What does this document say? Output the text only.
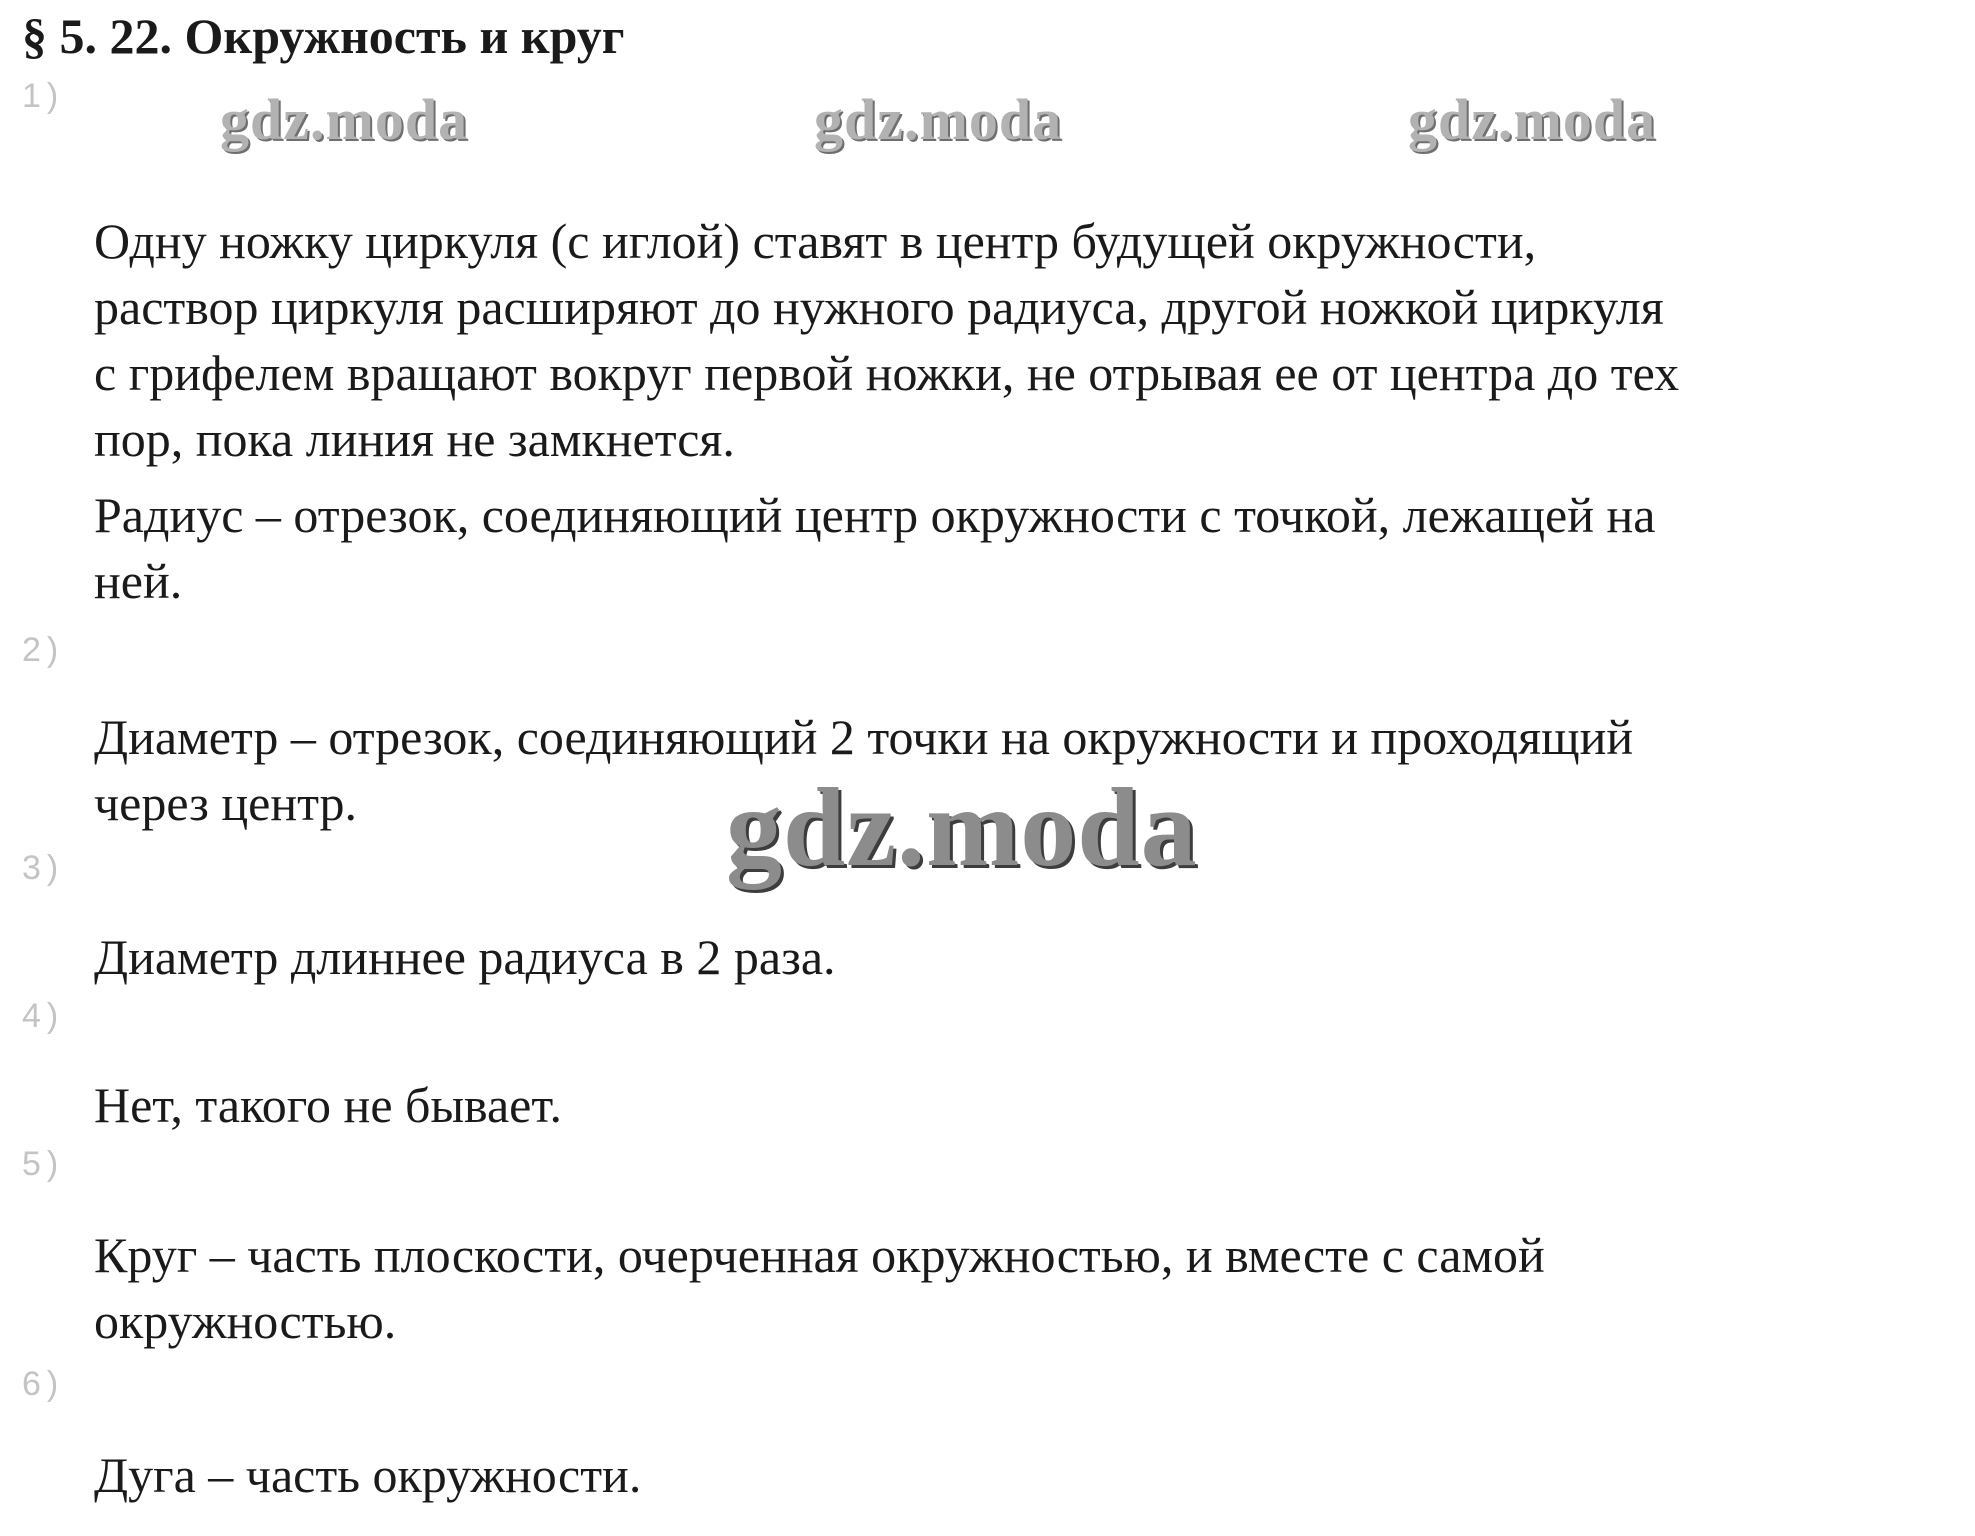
§ 5. 22. Окружность и круг
1)
Одну ножку циркуля (с иглой) ставят в центр будущей окружности,
раствор циркуля расширяют до нужного радиуса, другой ножкой циркуля
с грифелем вращают вокруг первой ножки, не отрывая ее от центра до тех
пор, пока линия не замкнется.
Радиус – отрезок, соединяющий центр окружности с точкой, лежащей на
ней.
2)
Диаметр – отрезок, соединяющий 2 точки на окружности и проходящий
через центр.
3)
Диаметр длиннее радиуса в 2 раза.
4)
Нет, такого не бывает.
5)
Круг – часть плоскости, очерченная окружностью, и вместе с самой
окружностью.
6)
Дуга – часть окружности.
gdz.moda	gdz.moda	gdz.moda
gdz.moda
